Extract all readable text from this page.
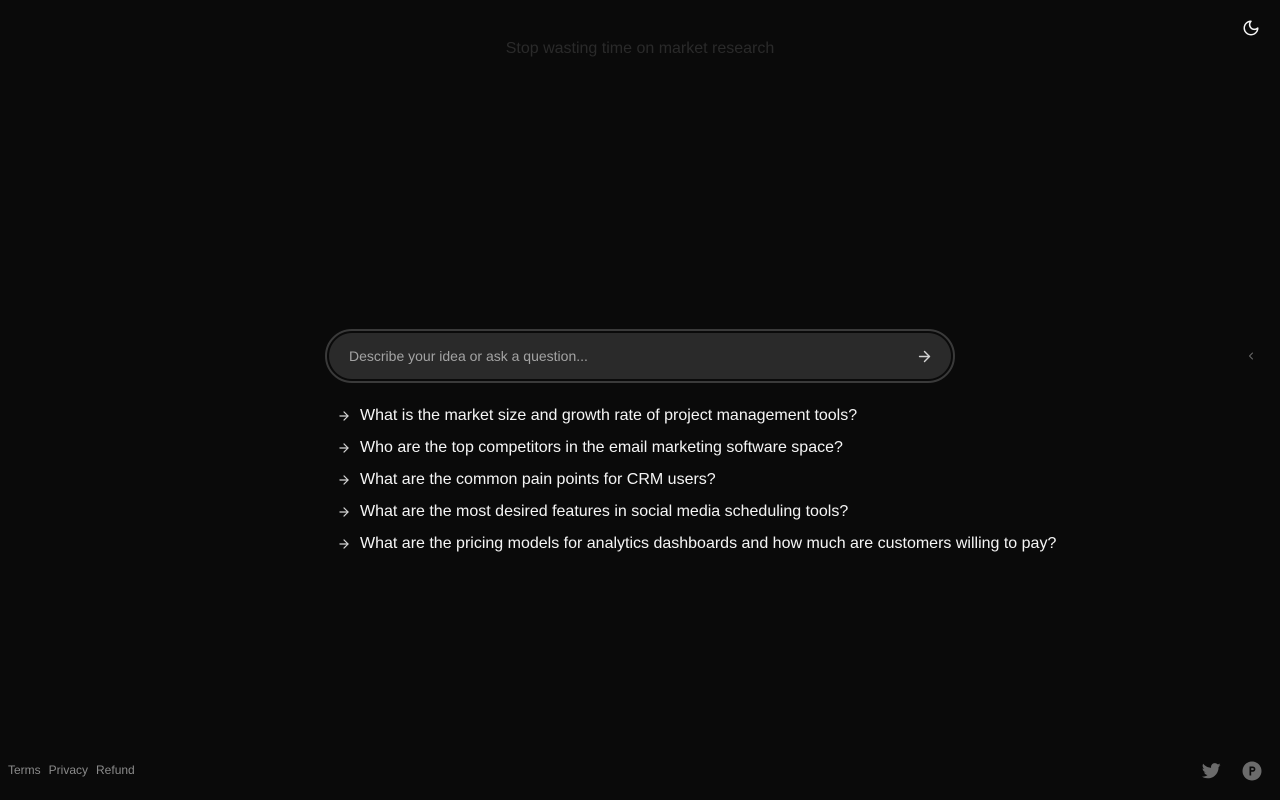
Stop wasting time on market research
Describe your idea or ask a question...
What is the market size and growth rate of project management tools?
Who are the top competitors in the email marketing software space?
What are the common pain points for CRM users?
What are the most desired features in social media scheduling tools?
What are the pricing models for analytics dashboards and how much are customers willing to pay?
Terms Privacy Refund
